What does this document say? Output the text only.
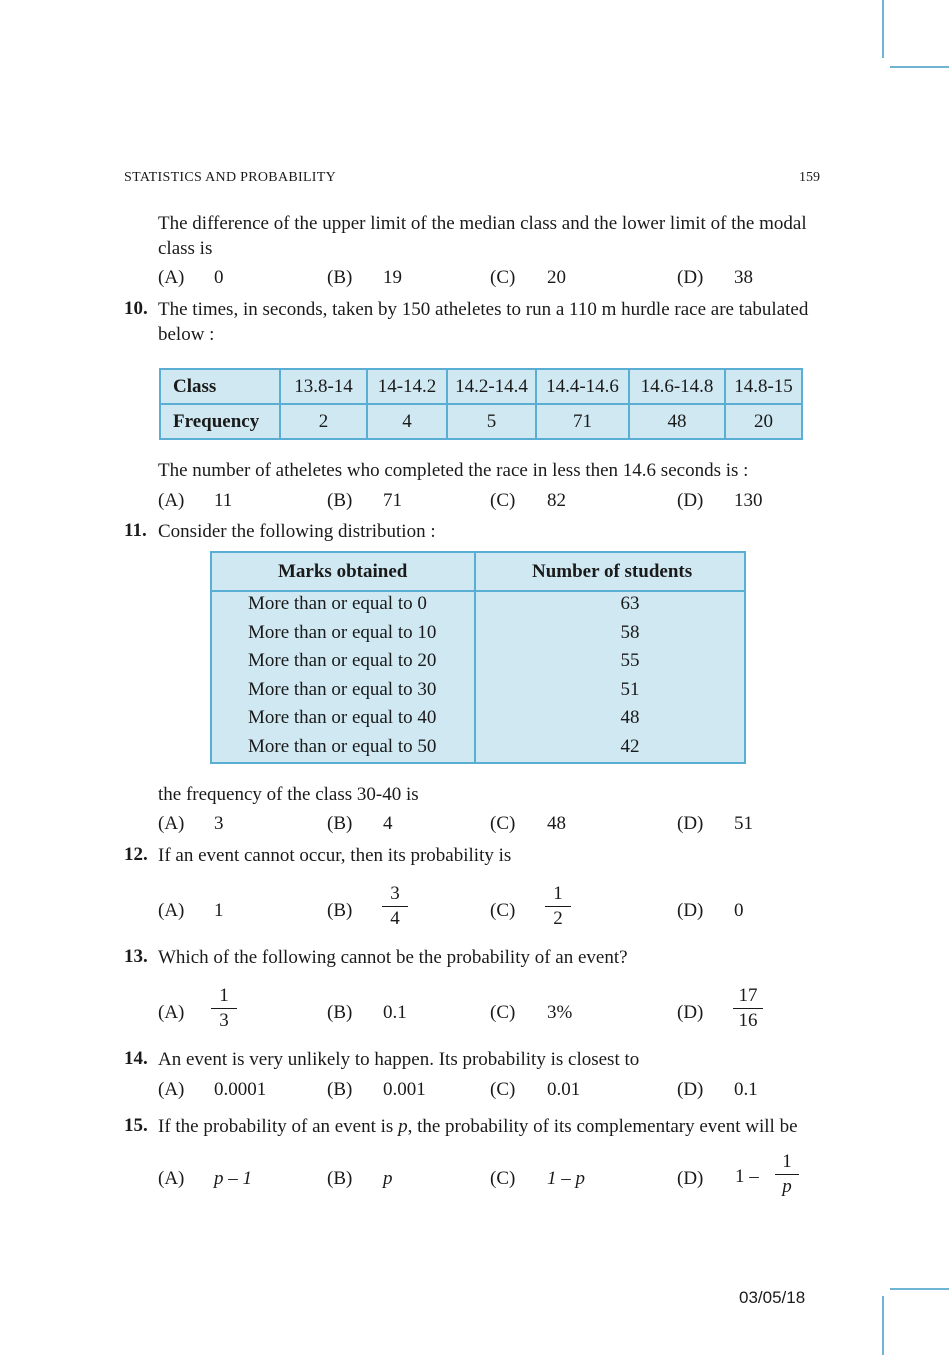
STATISTICS AND PROBABILITY	159
The difference of the upper limit of the median class and the lower limit of the modal class is
(A) 0	(B) 19	(C) 20	(D) 38
10. The times, in seconds, taken by 150 atheletes to run a 110 m hurdle race are tabulated below :
Class	13.8-14	14-14.2	14.2-14.4	14.4-14.6	14.6-14.8	14.8-15
Frequency	2	4	5	71	48	20
The number of atheletes who completed the race in less then 14.6 seconds is :
(A) 11	(B) 71	(C) 82	(D) 130
11. Consider the following distribution :
Marks obtained	Number of students
More than or equal to 0	63
More than or equal to 10	58
More than or equal to 20	55
More than or equal to 30	51
More than or equal to 40	48
More than or equal to 50	42
the frequency of the class 30-40 is
(A) 3	(B) 4	(C) 48	(D) 51
12. If an event cannot occur, then its probability is
(A) 1	(B)
3
4	(C)
1
2	(D) 0
13. Which of the following cannot be the probability of an event?
(A)
1
3	(B) 0.1	(C) 3%	(D)
17
16
14. An event is very unlikely to happen. Its probability is closest to
(A) 0.0001	(B) 0.001	(C) 0.01	(D) 0.1
15. If the probability of an event is p, the probability of its complementary event will be
(A) p – 1	(B) p	(C) 1 – p	(D) 1 –
1
p
03/05/18
